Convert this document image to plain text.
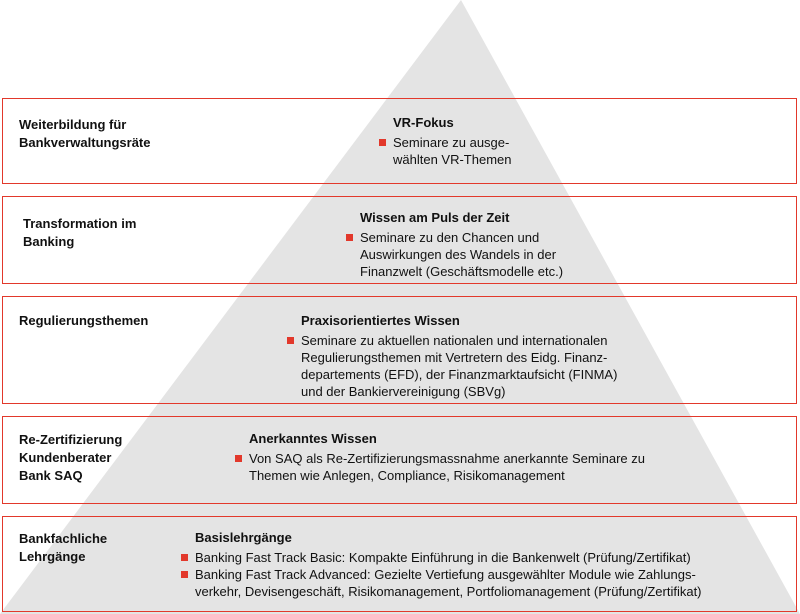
Weiterbildung für
Bankverwaltungsräte
VR-Fokus
Seminare zu ausge-
wählten VR-Themen
Transformation im
Banking
Wissen am Puls der Zeit
Seminare zu den Chancen und
Auswirkungen des Wandels in der
Finanzwelt (Geschäftsmodelle etc.)
Regulierungsthemen	Praxisorientiertes Wissen
Seminare zu aktuellen nationalen und internationalen
Regulierungsthemen mit Vertretern des Eidg. Finanz-
departements (EFD), der Finanzmarktaufsicht (FINMA)
und der Bankiervereinigung (SBVg)
Re-Zertifizierung
Kundenberater
Bank SAQ
Anerkanntes Wissen
Von SAQ als Re-Zertifizierungsmassnahme anerkannte Seminare zu
Themen wie Anlegen, Compliance, Risikomanagement
Bankfachliche
Lehrgänge
Basislehrgänge
Banking Fast Track Basic: Kompakte Einführung in die Bankenwelt (Prüfung/Zertifikat)
Banking Fast Track Advanced: Gezielte Vertiefung ausgewählter Module wie Zahlungs-
verkehr, Devisengeschäft, Risikomanagement, Portfoliomanagement (Prüfung/Zertifikat)
